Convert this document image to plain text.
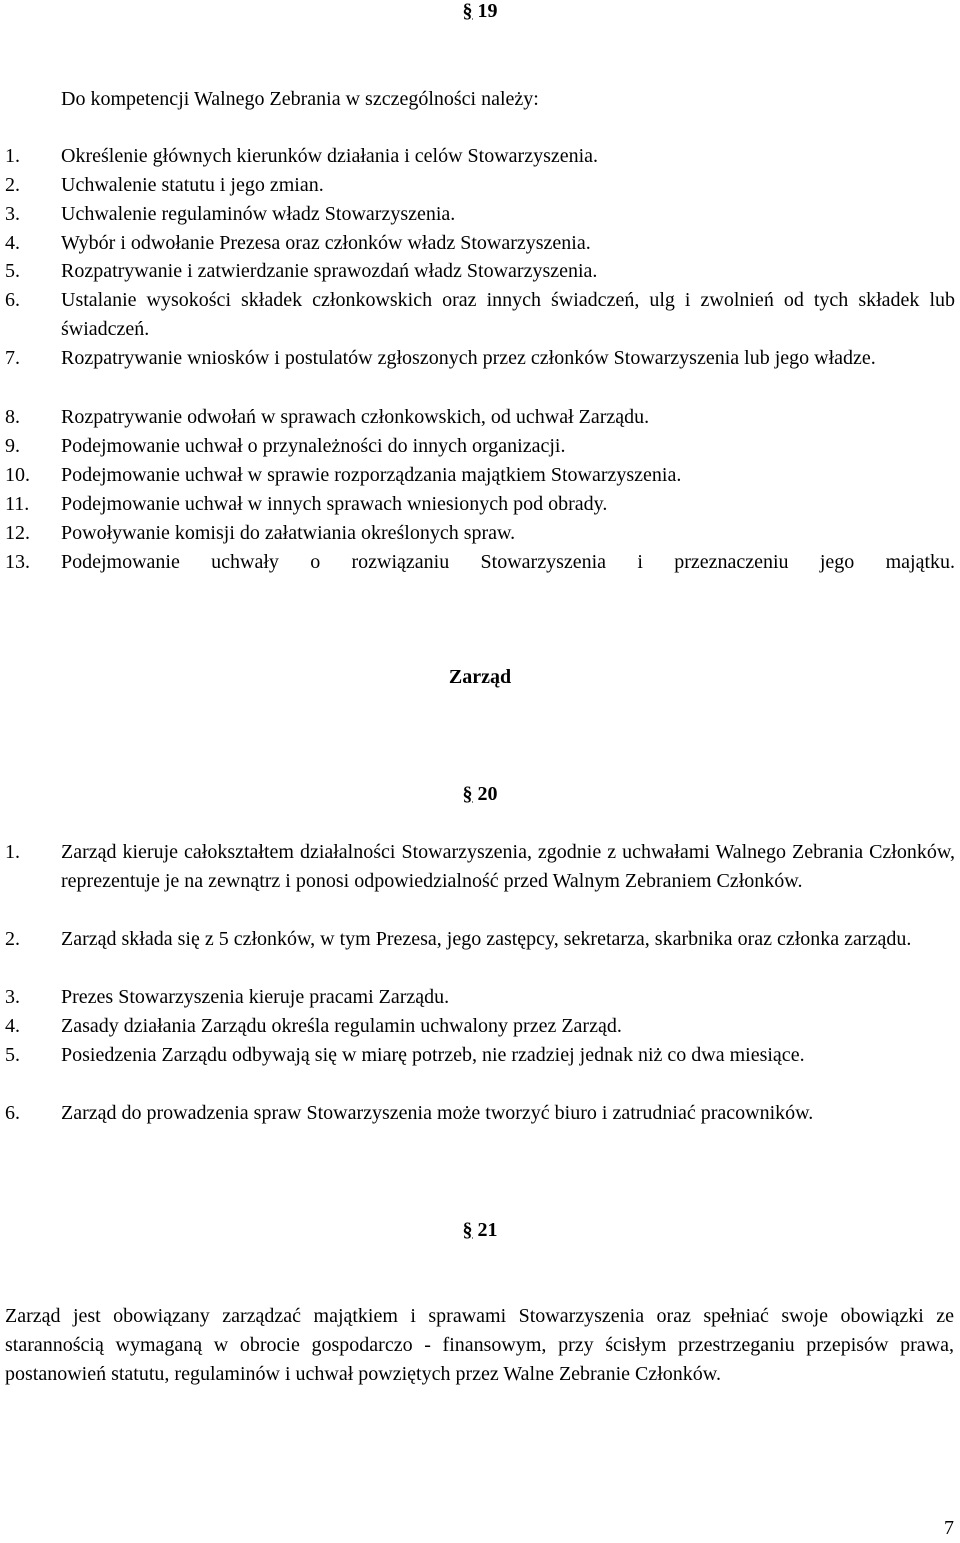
§ 19
Do kompetencji Walnego Zebrania w szczególności należy:
1. Określenie głównych kierunków działania i celów Stowarzyszenia.
2. Uchwalenie statutu i jego zmian.
3. Uchwalenie regulaminów władz Stowarzyszenia.
4. Wybór i odwołanie Prezesa oraz członków władz Stowarzyszenia.
5. Rozpatrywanie i zatwierdzanie sprawozdań władz Stowarzyszenia.
6. Ustalanie wysokości składek członkowskich oraz innych świadczeń, ulg i zwolnień od tych składek lub świadczeń.
7. Rozpatrywanie wniosków i postulatów zgłoszonych przez członków Stowarzyszenia lub jego władze.
8. Rozpatrywanie odwołań w sprawach członkowskich, od uchwał Zarządu.
9. Podejmowanie uchwał o przynależności do innych organizacji.
10. Podejmowanie uchwał w sprawie rozporządzania majątkiem Stowarzyszenia.
11. Podejmowanie uchwał w innych sprawach wniesionych pod obrady.
12. Powoływanie komisji do załatwiania określonych spraw.
13. Podejmowanie uchwały o rozwiązaniu Stowarzyszenia i przeznaczeniu jego majątku.
Zarząd
§ 20
1. Zarząd kieruje całokształtem działalności Stowarzyszenia, zgodnie z uchwałami Walnego Zebrania Członków, reprezentuje je na zewnątrz i ponosi odpowiedzialność przed Walnym Zebraniem Członków.
2. Zarząd składa się z 5 członków, w tym Prezesa, jego zastępcy, sekretarza, skarbnika oraz członka zarządu.
3. Prezes Stowarzyszenia kieruje pracami Zarządu.
4. Zasady działania Zarządu określa regulamin uchwalony przez Zarząd.
5. Posiedzenia Zarządu odbywają się w miarę potrzeb, nie rzadziej jednak niż co dwa miesiące.
6. Zarząd do prowadzenia spraw Stowarzyszenia może tworzyć biuro i zatrudniać pracowników.
§ 21
Zarząd jest obowiązany zarządzać majątkiem i sprawami Stowarzyszenia oraz spełniać swoje obowiązki ze starannością wymaganą w obrocie gospodarczo - finansowym, przy ścisłym przestrzeganiu przepisów prawa, postanowień statutu, regulaminów i uchwał powziętych przez Walne Zebranie Członków.
7
